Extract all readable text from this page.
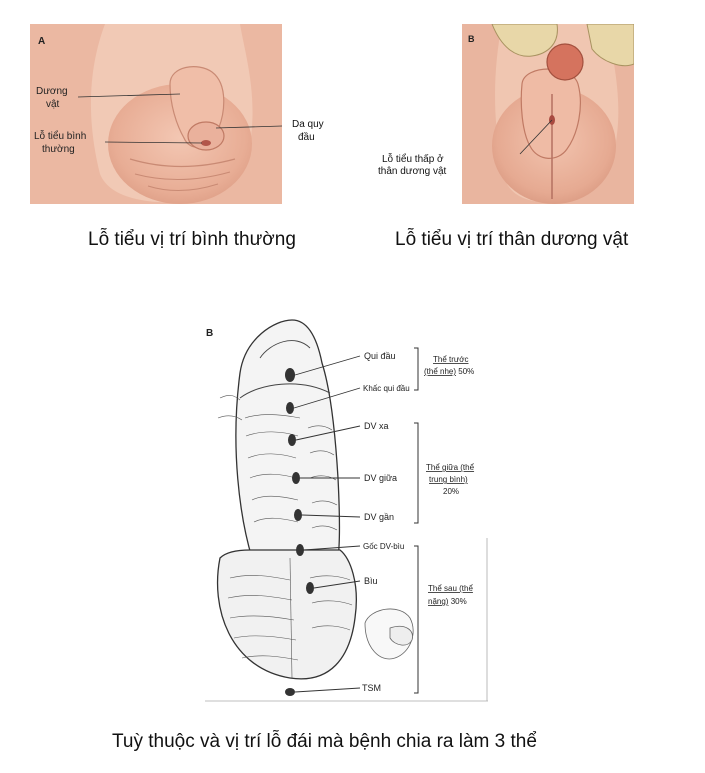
A
Dương
vật
Lỗ tiểu bình
thường
Da quy
đầu
Lỗ tiểu vị trí bình thường
B
Lỗ tiểu thấp ở
thân dương vật
Lỗ tiểu vị trí thân dương vật
B
Qui đầu
Khấc qui đầu
DV xa
DV giữa
DV gần
Gốc DV-bìu
Bìu
TSM
Thể trước
(thể nhẹ) 50%
Thể giữa (thể
trung bình)
20%
Thể sau (thể
nặng) 30%
Tuỳ thuộc và vị trí lỗ đái mà bệnh chia ra làm 3 thể
